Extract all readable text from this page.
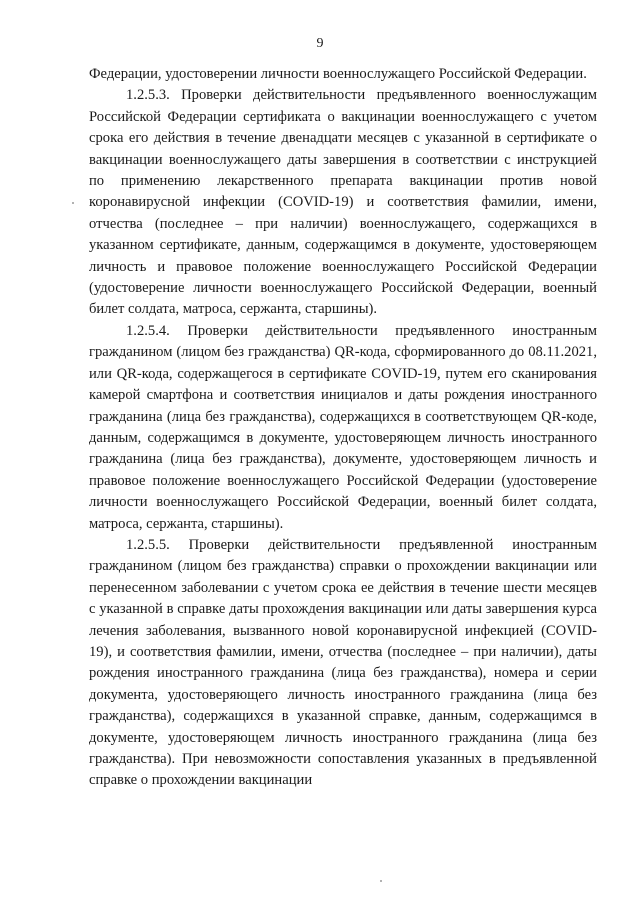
9

Федерации, удостоверении личности военнослужащего Российской Федерации.

1.2.5.3. Проверки действительности предъявленного военнослужащим Российской Федерации сертификата о вакцинации военнослужащего с учетом срока его действия в течение двенадцати месяцев с указанной в сертификате о вакцинации военнослужащего даты завершения в соответствии с инструкцией по применению лекарственного препарата вакцинации против новой коронавирусной инфекции (COVID-19) и соответствия фамилии, имени, отчества (последнее – при наличии) военнослужащего, содержащихся в указанном сертификате, данным, содержащимся в документе, удостоверяющем личность и правовое положение военнослужащего Российской Федерации (удостоверение личности военнослужащего Российской Федерации, военный билет солдата, матроса, сержанта, старшины).

1.2.5.4. Проверки действительности предъявленного иностранным гражданином (лицом без гражданства) QR-кода, сформированного до 08.11.2021, или QR-кода, содержащегося в сертификате COVID-19, путем его сканирования камерой смартфона и соответствия инициалов и даты рождения иностранного гражданина (лица без гражданства), содержащихся в соответствующем QR-коде, данным, содержащимся в документе, удостоверяющем личность иностранного гражданина (лица без гражданства), документе, удостоверяющем личность и правовое положение военнослужащего Российской Федерации (удостоверение личности военнослужащего Российской Федерации, военный билет солдата, матроса, сержанта, старшины).

1.2.5.5. Проверки действительности предъявленной иностранным гражданином (лицом без гражданства) справки о прохождении вакцинации или перенесенном заболевании с учетом срока ее действия в течение шести месяцев с указанной в справке даты прохождения вакцинации или даты завершения курса лечения заболевания, вызванного новой коронавирусной инфекцией (COVID-19), и соответствия фамилии, имени, отчества (последнее – при наличии), даты рождения иностранного гражданина (лица без гражданства), номера и серии документа, удостоверяющего личность иностранного гражданина (лица без гражданства), содержащихся в указанной справке, данным, содержащимся в документе, удостоверяющем личность иностранного гражданина (лица без гражданства). При невозможности сопоставления указанных в предъявленной справке о прохождении вакцинации
